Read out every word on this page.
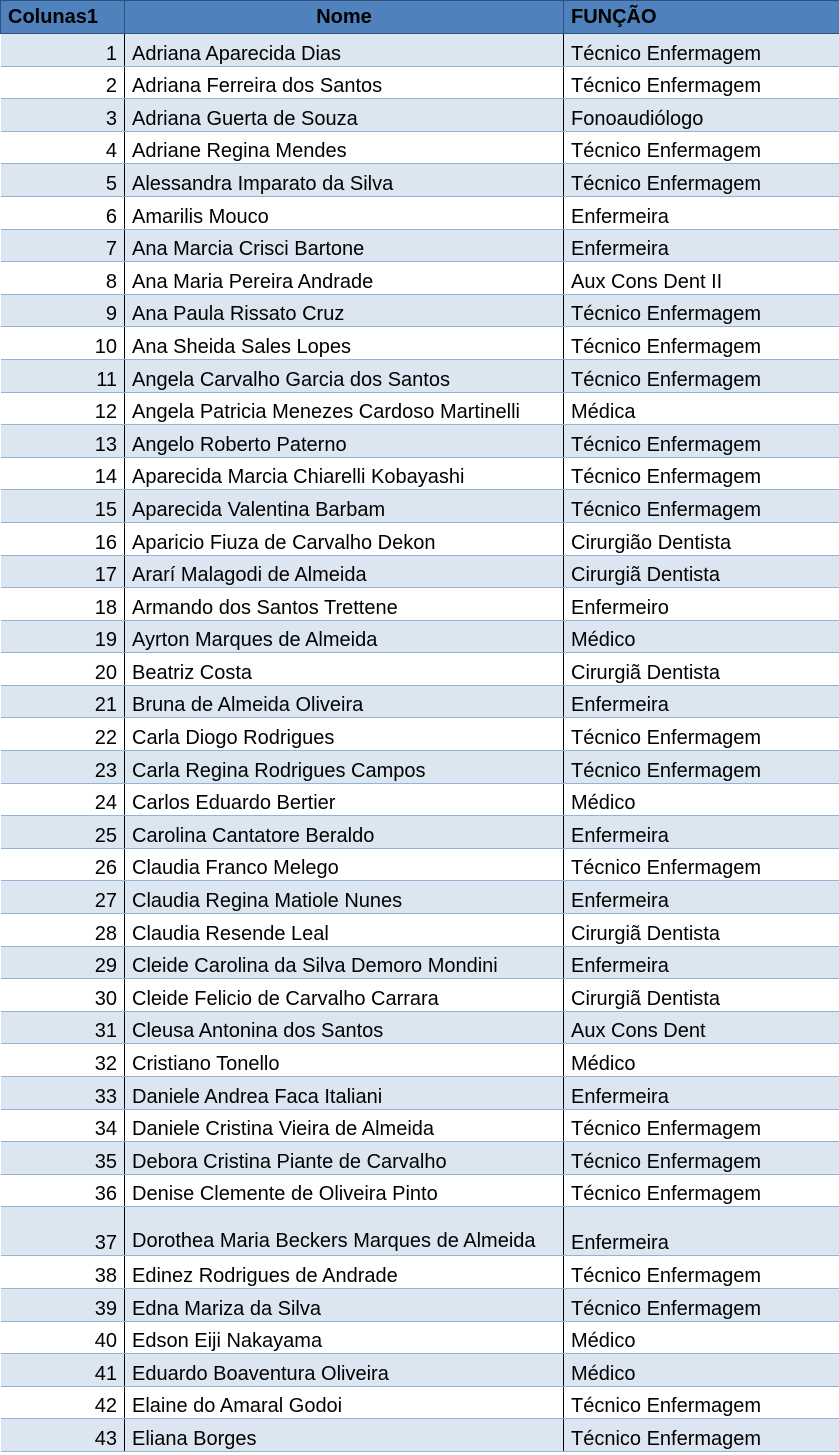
Colunas1	Nome	FUNÇÃO
1	Adriana Aparecida Dias	Técnico Enfermagem
2	Adriana Ferreira dos Santos	Técnico Enfermagem
3	Adriana Guerta de Souza	Fonoaudiólogo
4	Adriane Regina Mendes	Técnico Enfermagem
5	Alessandra Imparato da Silva	Técnico Enfermagem
6	Amarilis Mouco	Enfermeira
7	Ana Marcia Crisci Bartone	Enfermeira
8	Ana Maria Pereira Andrade	Aux Cons Dent II
9	Ana Paula Rissato Cruz	Técnico Enfermagem
10	Ana Sheida Sales Lopes	Técnico Enfermagem
11	Angela Carvalho Garcia dos Santos	Técnico Enfermagem
12	Angela Patricia Menezes Cardoso Martinelli	Médica
13	Angelo Roberto Paterno	Técnico Enfermagem
14	Aparecida Marcia Chiarelli Kobayashi	Técnico Enfermagem
15	Aparecida Valentina Barbam	Técnico Enfermagem
16	Aparicio Fiuza de Carvalho Dekon	Cirurgião Dentista
17	Ararí Malagodi de Almeida	Cirurgiã Dentista
18	Armando dos Santos Trettene	Enfermeiro
19	Ayrton Marques de Almeida	Médico
20	Beatriz Costa	Cirurgiã Dentista
21	Bruna de Almeida Oliveira	Enfermeira
22	Carla Diogo Rodrigues	Técnico Enfermagem
23	Carla Regina Rodrigues Campos	Técnico Enfermagem
24	Carlos Eduardo Bertier	Médico
25	Carolina Cantatore Beraldo	Enfermeira
26	Claudia Franco Melego	Técnico Enfermagem
27	Claudia Regina Matiole Nunes	Enfermeira
28	Claudia Resende Leal	Cirurgiã Dentista
29	Cleide Carolina da Silva Demoro Mondini	Enfermeira
30	Cleide Felicio de Carvalho Carrara	Cirurgiã Dentista
31	Cleusa Antonina dos Santos	Aux Cons Dent
32	Cristiano Tonello	Médico
33	Daniele Andrea Faca Italiani	Enfermeira
34	Daniele Cristina Vieira de Almeida	Técnico Enfermagem
35	Debora Cristina Piante de Carvalho	Técnico Enfermagem
36	Denise Clemente de Oliveira Pinto	Técnico Enfermagem
37	Dorothea Maria Beckers Marques de Almeida	Enfermeira
38	Edinez Rodrigues de Andrade	Técnico Enfermagem
39	Edna Mariza da Silva	Técnico Enfermagem
40	Edson Eiji Nakayama	Médico
41	Eduardo Boaventura Oliveira	Médico
42	Elaine do Amaral Godoi	Técnico Enfermagem
43	Eliana Borges	Técnico Enfermagem
